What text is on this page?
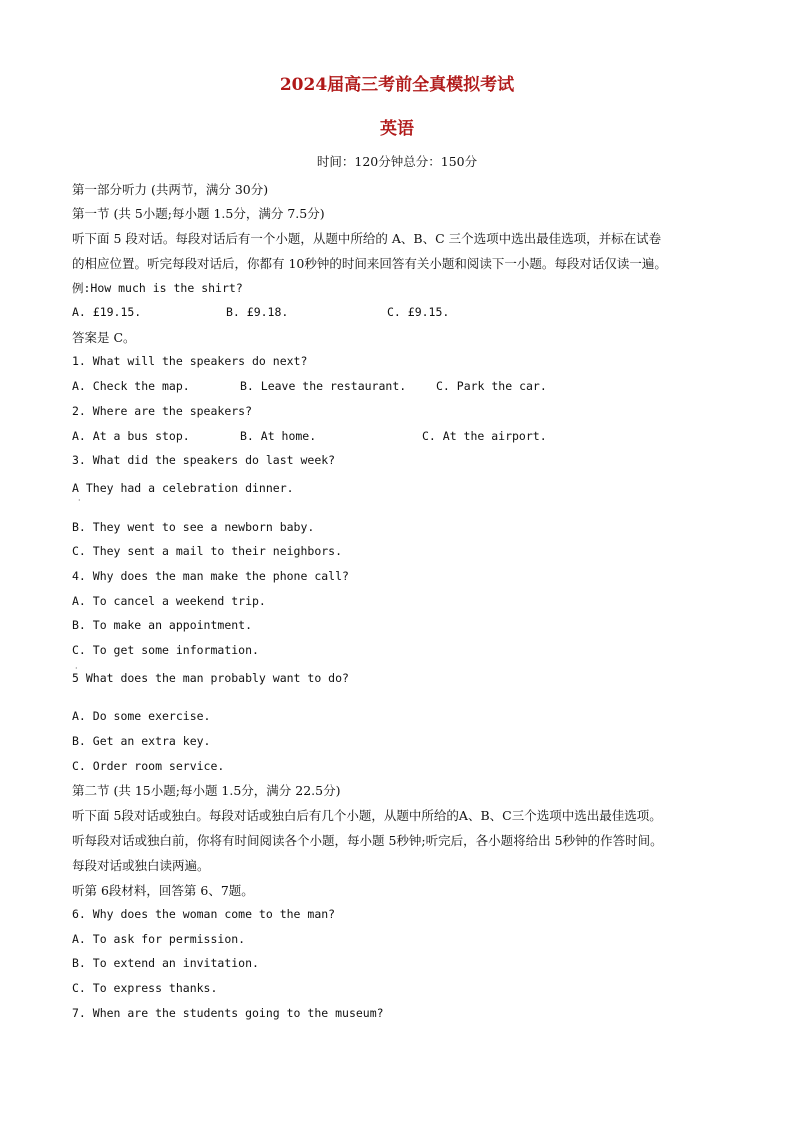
2024届高三考前全真模拟考试
英语
时间：120分钟总分：150分
第一部分听力 (共两节，满分 30分)
第一节 (共 5小题;每小题 1.5分，满分 7.5分)
听下面 5 段对话。每段对话后有一个小题，从题中所给的 A、B、C 三个选项中选出最佳选项，并标在试卷
的相应位置。听完每段对话后，你都有 10秒钟的时间来回答有关小题和阅读下一小题。每段对话仅读一遍。
例:How much is the shirt?
A. £19.15.	B. £9.18.	C. £9.15.
答案是 C。
1. What will the speakers do next?
A. Check the map.	B. Leave the restaurant.	C. Park the car.
2. Where are the speakers?
A. At a bus stop.	B. At home.	C. At the airport.
3. What did the speakers do last week?
A They had a celebration dinner.
·
B. They went to see a newborn baby.
C. They sent a mail to their neighbors.
4. Why does the man make the phone call?
A. To cancel a weekend trip.
B. To make an appointment.
C. To get some information.
·
5 What does the man probably want to do?
A. Do some exercise.
B. Get an extra key.
C. Order room service.
第二节 (共 15小题;每小题 1.5分，满分 22.5分)
听下面 5段对话或独白。每段对话或独白后有几个小题，从题中所给的A、B、C三个选项中选出最佳选项。
听每段对话或独白前，你将有时间阅读各个小题，每小题 5秒钟;听完后，各小题将给出 5秒钟的作答时间。
每段对话或独白读两遍。
听第 6段材料，回答第 6、7题。
6. Why does the woman come to the man?
A. To ask for permission.
B. To extend an invitation.
C. To express thanks.
7. When are the students going to the museum?
